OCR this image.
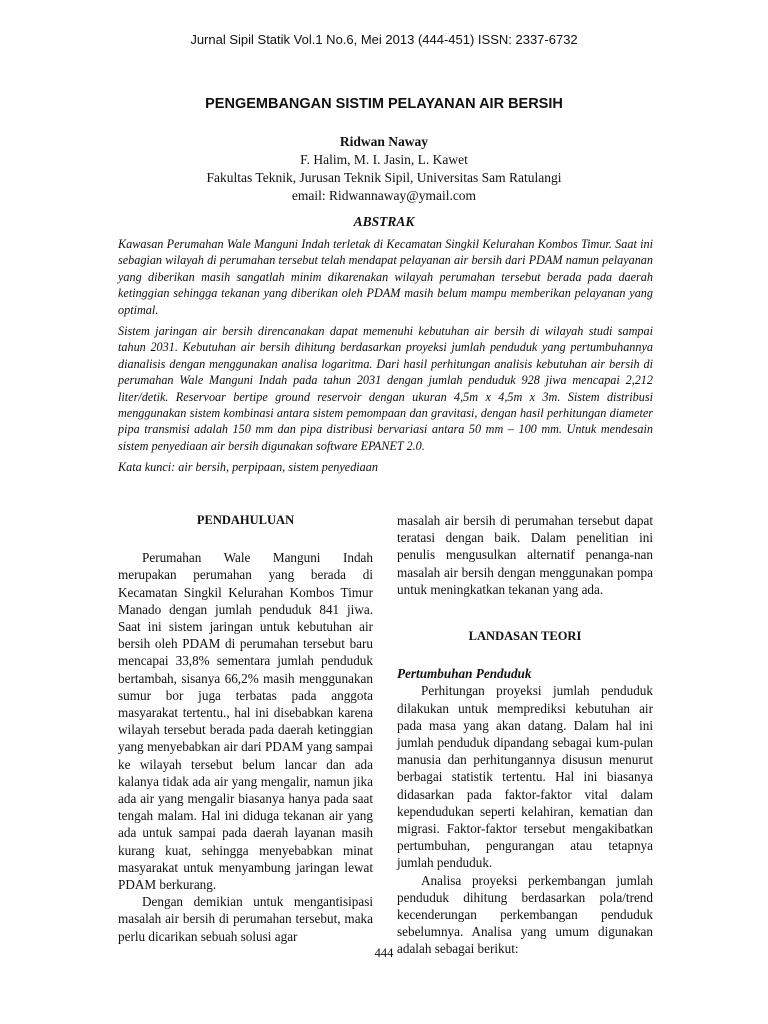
Jurnal Sipil Statik Vol.1 No.6, Mei 2013 (444-451) ISSN: 2337-6732
PENGEMBANGAN SISTIM PELAYANAN AIR BERSIH
Ridwan Naway
F. Halim, M. I. Jasin, L. Kawet
Fakultas Teknik, Jurusan Teknik Sipil, Universitas Sam Ratulangi
email: Ridwannaway@ymail.com
ABSTRAK

Kawasan Perumahan Wale Manguni Indah terletak di Kecamatan Singkil Kelurahan Kombos Timur. Saat ini sebagian wilayah di perumahan tersebut telah mendapat pelayanan air bersih dari PDAM namun pelayanan yang diberikan masih sangatlah minim dikarenakan wilayah perumahan tersebut berada pada daerah ketinggian sehingga tekanan yang diberikan oleh PDAM masih belum mampu memberikan pelayanan yang optimal.

Sistem jaringan air bersih direncanakan dapat memenuhi kebutuhan air bersih di wilayah studi sampai tahun 2031. Kebutuhan air bersih dihitung berdasarkan proyeksi jumlah penduduk yang pertumbuhannya dianalisis dengan menggunakan analisa logaritma. Dari hasil perhitungan analisis kebutuhan air bersih di perumahan Wale Manguni Indah pada tahun 2031 dengan jumlah penduduk 928 jiwa mencapai 2,212 liter/detik. Reservoar bertipe ground reservoir dengan ukuran 4,5m x 4,5m x 3m. Sistem distribusi menggunakan sistem kombinasi antara sistem pemompaan dan gravitasi, dengan hasil perhitungan diameter pipa transmisi adalah 150 mm dan pipa distribusi bervariasi antara 50 mm – 100 mm. Untuk mendesain sistem penyediaan air bersih digunakan software EPANET 2.0.

Kata kunci: air bersih, perpipaan, sistem penyediaan

PENDAHULUAN

Perumahan Wale Manguni Indah merupakan perumahan yang berada di Kecamatan Singkil Kelurahan Kombos Timur Manado dengan jumlah penduduk 841 jiwa. Saat ini sistem jaringan untuk kebutuhan air bersih oleh PDAM di perumahan tersebut baru mencapai 33,8% sementara jumlah penduduk bertambah, sisanya 66,2% masih menggunakan sumur bor juga terbatas pada anggota masyarakat tertentu., hal ini disebabkan karena wilayah tersebut berada pada daerah ketinggian yang menyebabkan air dari PDAM yang sampai ke wilayah tersebut belum lancar dan ada kalanya tidak ada air yang mengalir, namun jika ada air yang mengalir biasanya hanya pada saat tengah malam. Hal ini diduga tekanan air yang ada untuk sampai pada daerah layanan masih kurang kuat, sehingga menyebabkan minat masyarakat untuk menyambung jaringan lewat PDAM berkurang.

Dengan demikian untuk mengantisipasi masalah air bersih di perumahan tersebut, maka perlu dicarikan sebuah solusi agar

masalah air bersih di perumahan tersebut dapat teratasi dengan baik. Dalam penelitian ini penulis mengusulkan alternatif penanga-nan masalah air bersih dengan menggunakan pompa untuk meningkatkan tekanan yang ada.

LANDASAN TEORI

Pertumbuhan Penduduk

Perhitungan proyeksi jumlah penduduk dilakukan untuk memprediksi kebutuhan air pada masa yang akan datang. Dalam hal ini jumlah penduduk dipandang sebagai kum-pulan manusia dan perhitungannya disusun menurut berbagai statistik tertentu. Hal ini biasanya didasarkan pada faktor-faktor vital dalam kependudukan seperti kelahiran, kematian dan migrasi. Faktor-faktor tersebut mengakibatkan pertumbuhan, pengurangan atau tetapnya jumlah penduduk.

Analisa proyeksi perkembangan jumlah penduduk dihitung berdasarkan pola/trend kecenderungan perkembangan penduduk sebelumnya. Analisa yang umum digunakan adalah sebagai berikut:

444
